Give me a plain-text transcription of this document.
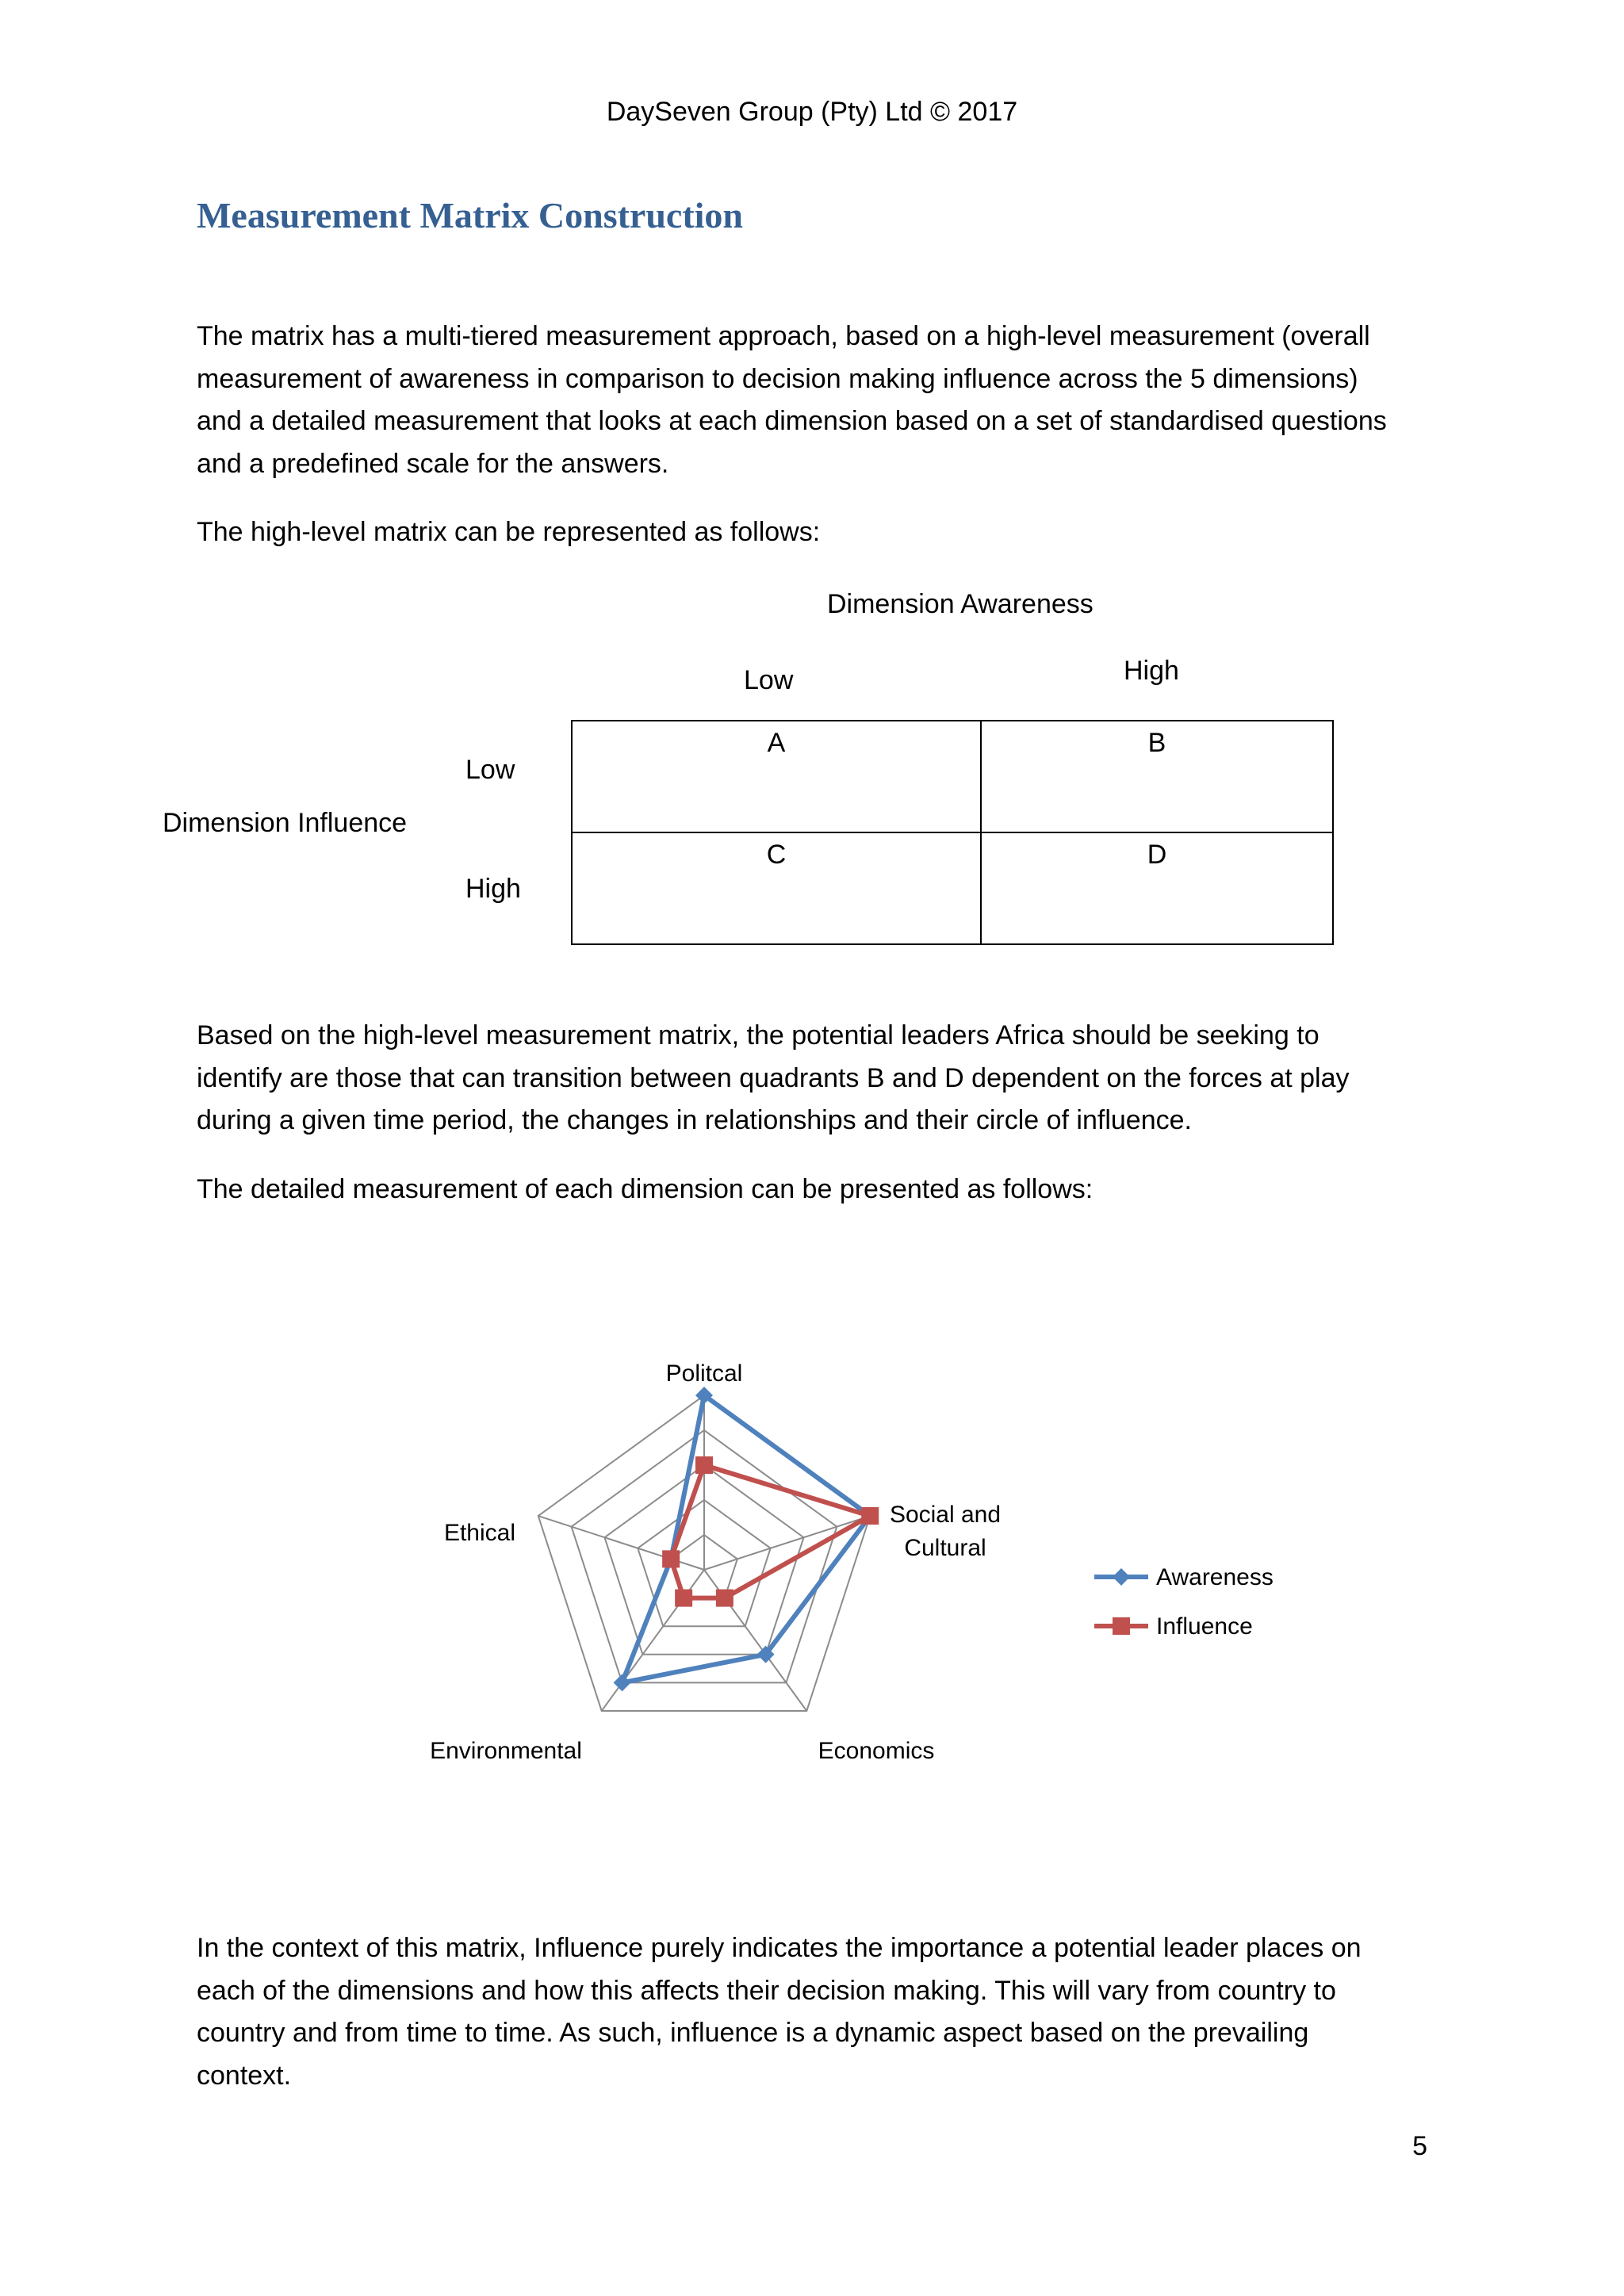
DaySeven Group (Pty) Ltd © 2017
Measurement Matrix Construction
The matrix has a multi-tiered measurement approach, based on a high-level measurement (overall
measurement of awareness in comparison to decision making influence across the 5 dimensions)
and a detailed measurement that looks at each dimension based on a set of standardised questions
and a predefined scale for the answers.
The high-level matrix can be represented as follows:
Dimension Awareness
Low	High
Low
Dimension Influence
High
A	B
C	D
Based on the high-level measurement matrix, the potential leaders Africa should be seeking to
identify are those that can transition between quadrants B and D dependent on the forces at play
during a given time period, the changes in relationships and their circle of influence.
The detailed measurement of each dimension can be presented as follows:
Politcal
Social and Cultural
Economics
Environmental
Ethical
Awareness
Influence
In the context of this matrix, Influence purely indicates the importance a potential leader places on
each of the dimensions and how this affects their decision making. This will vary from country to
country and from time to time. As such, influence is a dynamic aspect based on the prevailing
context.
5
